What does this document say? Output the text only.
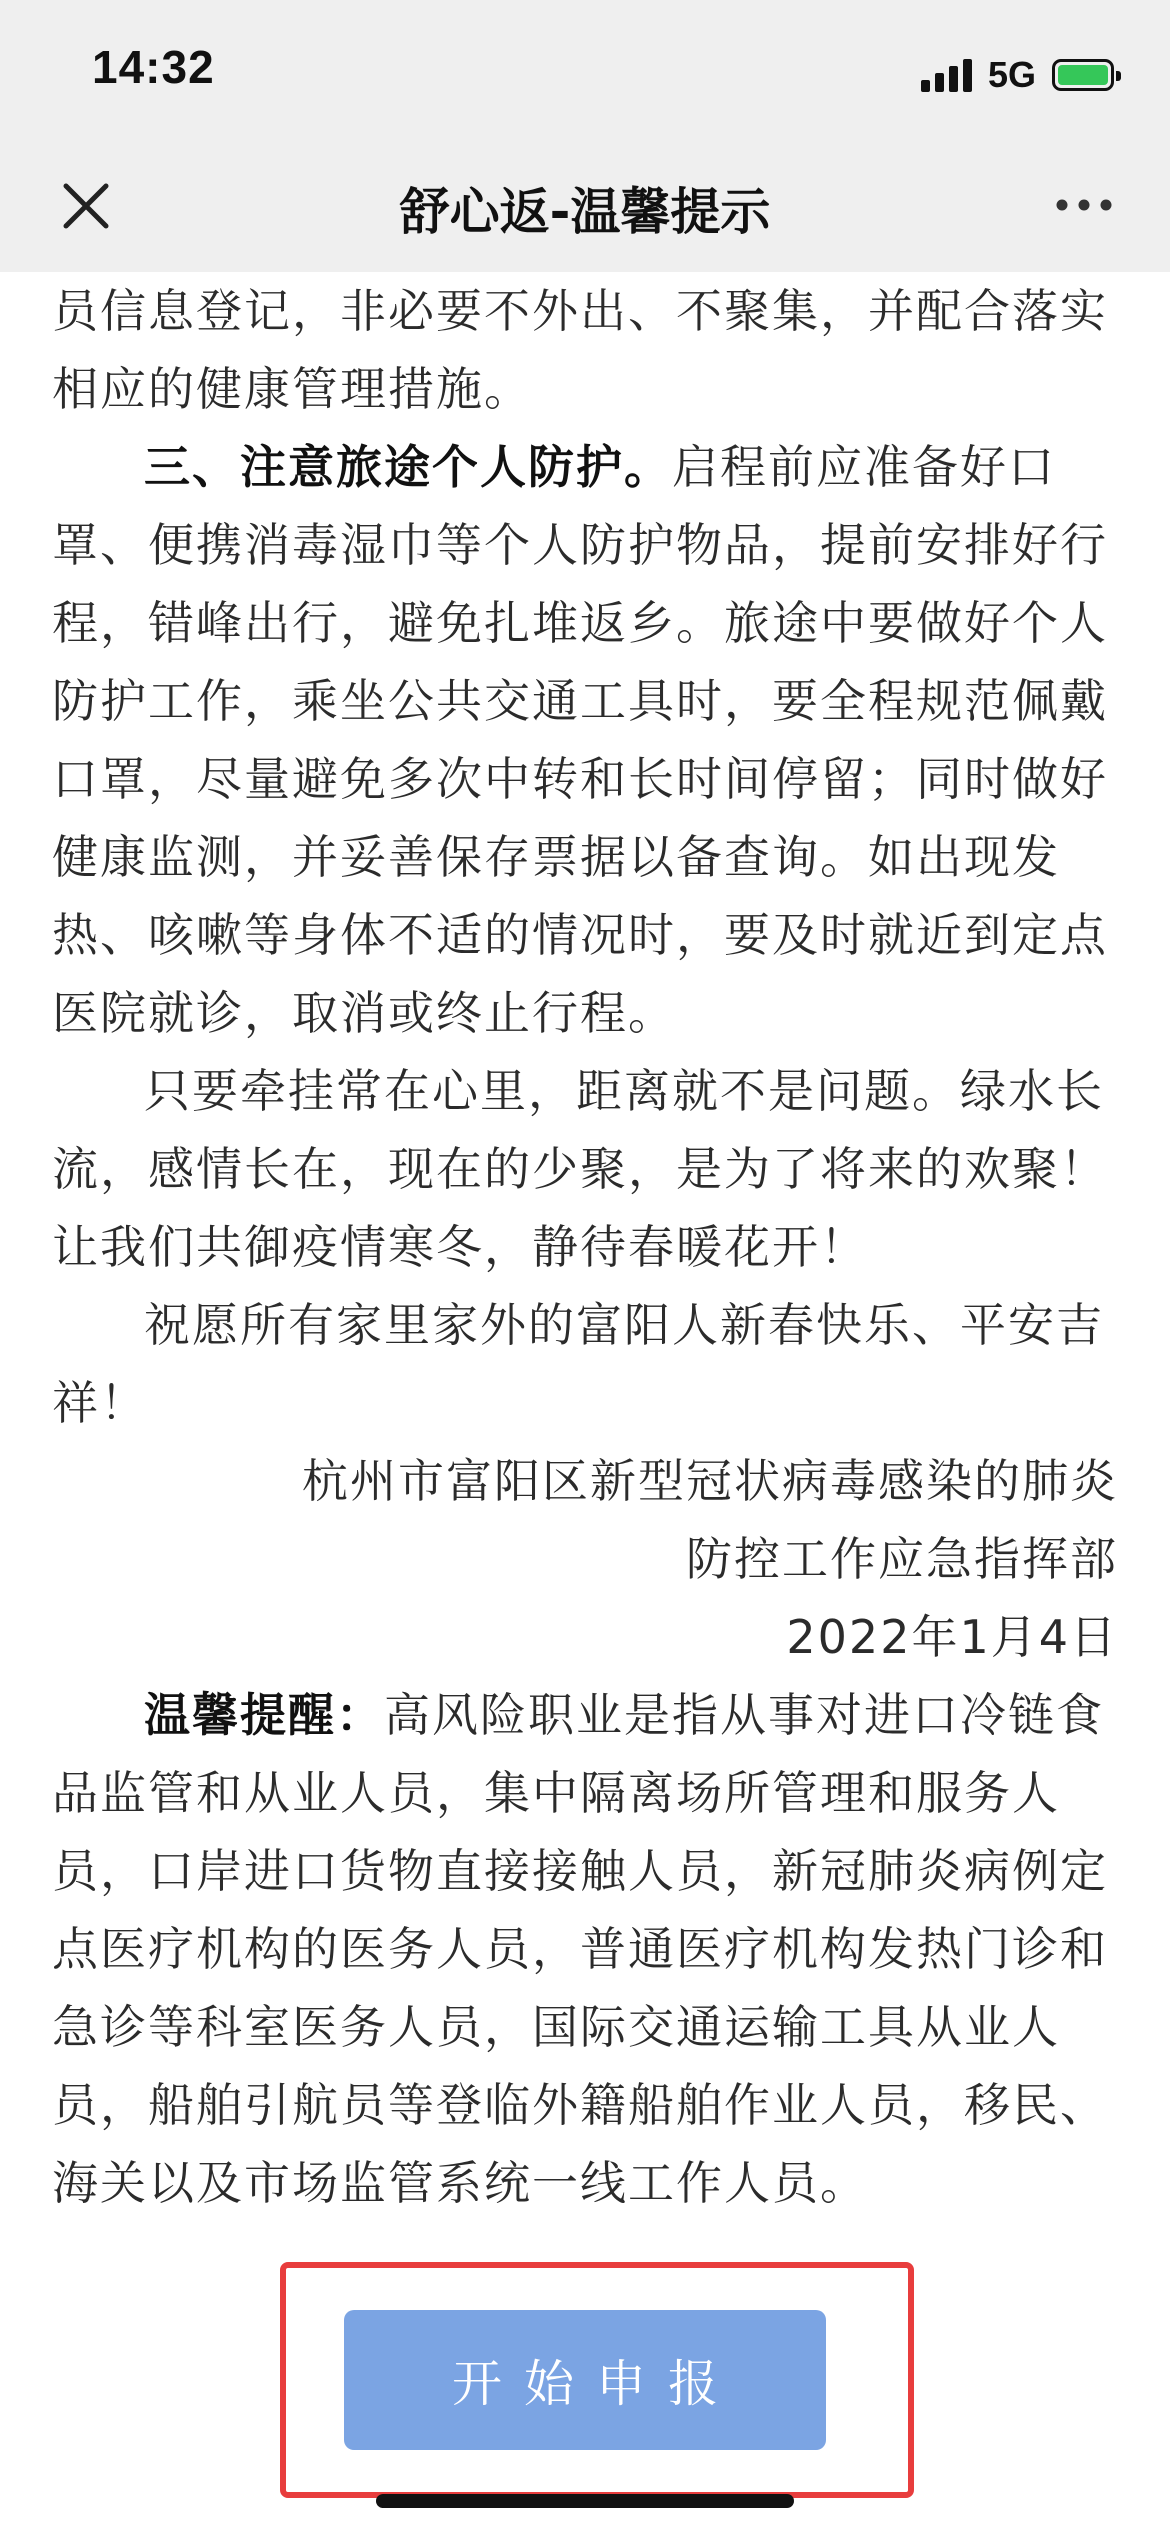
14:32	5G
舒心返-温馨提示

员信息登记，非必要不外出、不聚集，并配合落实相应的健康管理措施。

三、注意旅途个人防护。启程前应准备好口罩、便携消毒湿巾等个人防护物品，提前安排好行程，错峰出行，避免扎堆返乡。旅途中要做好个人防护工作，乘坐公共交通工具时，要全程规范佩戴口罩，尽量避免多次中转和长时间停留；同时做好健康监测，并妥善保存票据以备查询。如出现发热、咳嗽等身体不适的情况时，要及时就近到定点医院就诊，取消或终止行程。

只要牵挂常在心里，距离就不是问题。绿水长流，感情长在，现在的少聚，是为了将来的欢聚！让我们共御疫情寒冬，静待春暖花开！

祝愿所有家里家外的富阳人新春快乐、平安吉祥！

杭州市富阳区新型冠状病毒感染的肺炎

防控工作应急指挥部

2022年1月4日

温馨提醒：高风险职业是指从事对进口冷链食品监管和从业人员，集中隔离场所管理和服务人员，口岸进口货物直接接触人员，新冠肺炎病例定点医疗机构的医务人员，普通医疗机构发热门诊和急诊等科室医务人员，国际交通运输工具从业人员，船舶引航员等登临外籍船舶作业人员，移民、海关以及市场监管系统一线工作人员。

开始申报
